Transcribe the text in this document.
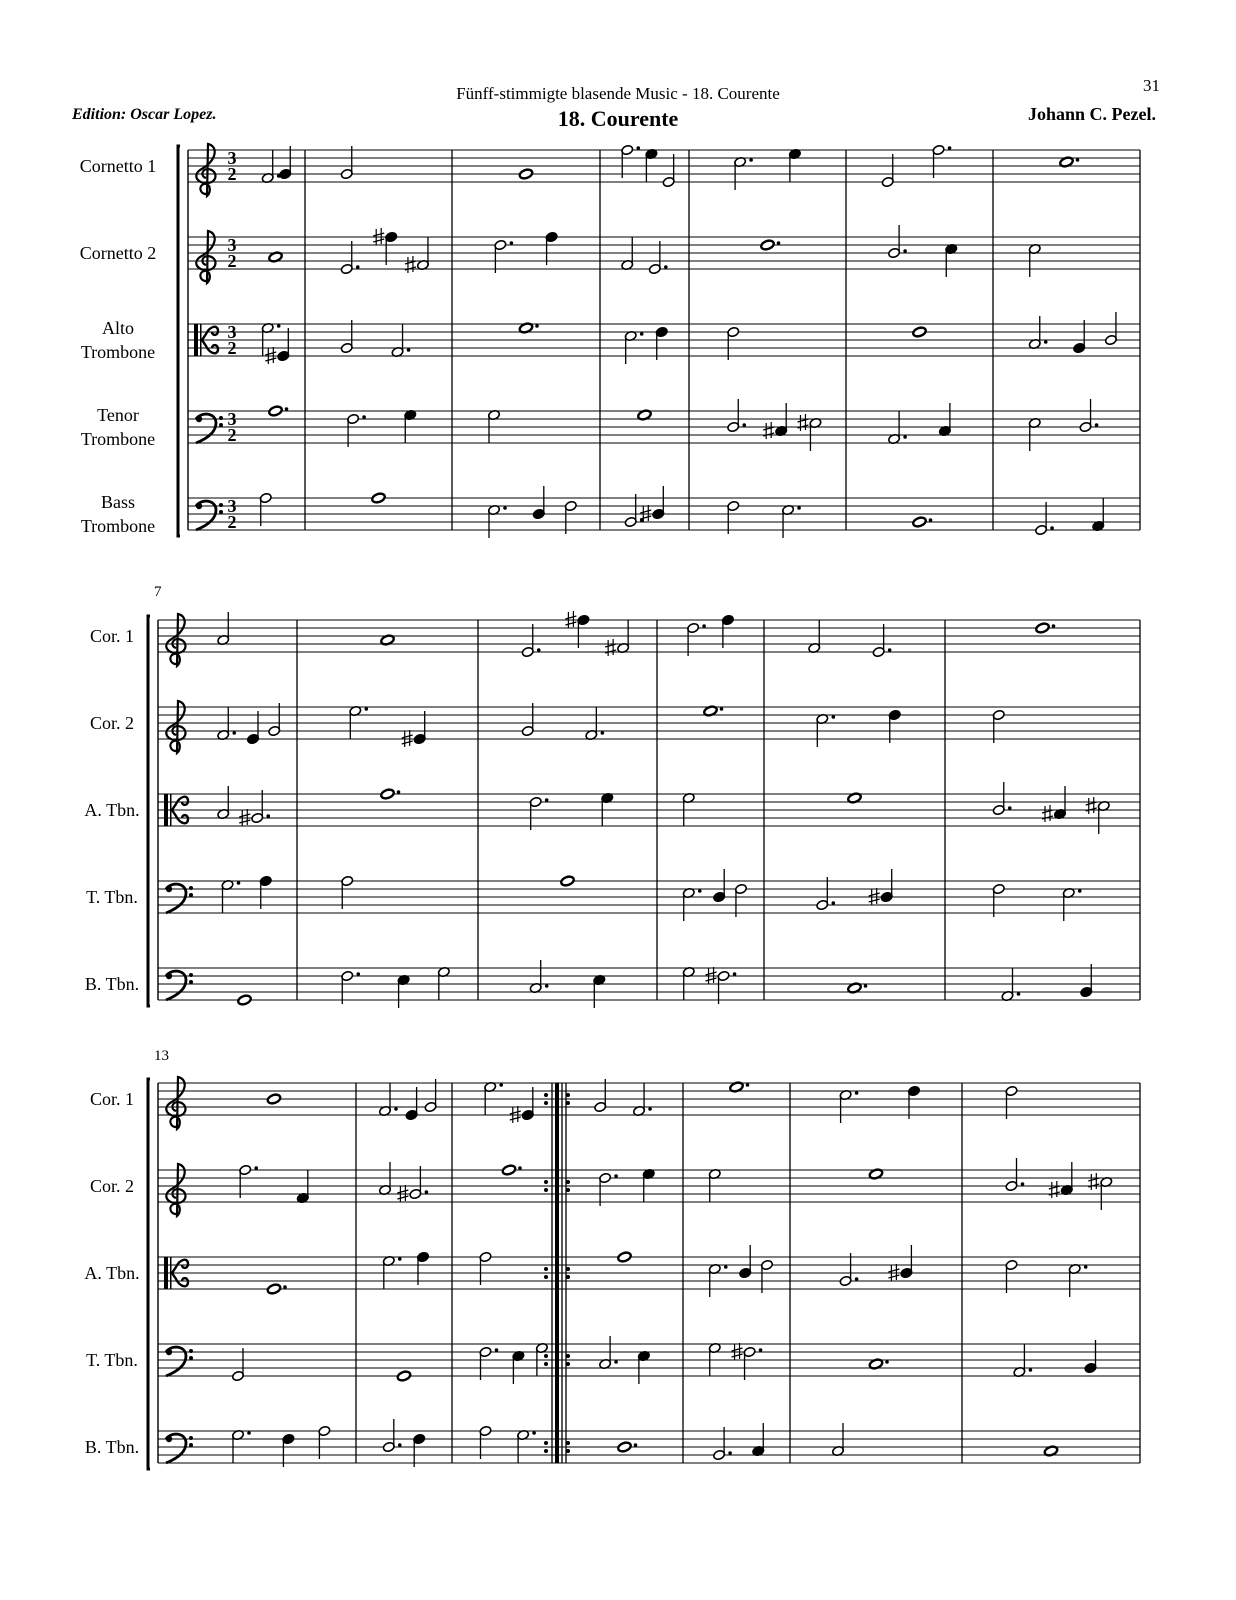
Fünff-stimmigte blasende Music - 18. Courente	31
18. Courente
Edition: Oscar Lopez.	Johann C. Pezel.
3
2
Cornetto 1
3
2
Cornetto 2
3
2
Alto
Trombone
3
2
Tenor
Trombone
3
2
Bass
Trombone
Cor. 1
Cor. 2
A. Tbn.
T. Tbn.
B. Tbn.
7
Cor. 1
Cor. 2
A. Tbn.
T. Tbn.
B. Tbn.
13
